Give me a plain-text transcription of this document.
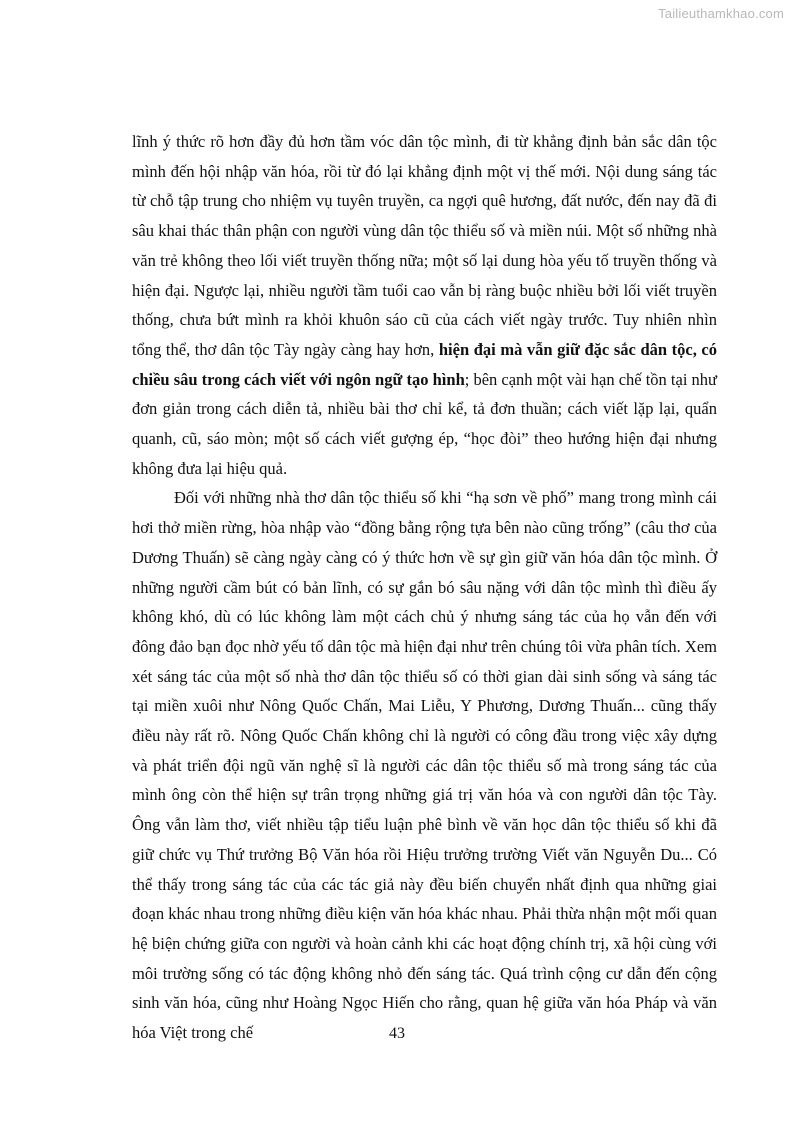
Tailieuthamkhao.com

lĩnh ý thức rõ hơn đầy đủ hơn tầm vóc dân tộc mình, đi từ khẳng định bản sắc dân tộc mình đến hội nhập văn hóa, rồi từ đó lại khẳng định một vị thế mới. Nội dung sáng tác từ chỗ tập trung cho nhiệm vụ tuyên truyền, ca ngợi quê hương, đất nước, đến nay đã đi sâu khai thác thân phận con người vùng dân tộc thiểu số và miền núi. Một số những nhà văn trẻ không theo lối viết truyền thống nữa; một số lại dung hòa yếu tố truyền thống và hiện đại. Ngược lại, nhiều người tầm tuổi cao vẫn bị ràng buộc nhiều bởi lối viết truyền thống, chưa bứt mình ra khỏi khuôn sáo cũ của cách viết ngày trước. Tuy nhiên nhìn tổng thể, thơ dân tộc Tày ngày càng hay hơn, hiện đại mà vẫn giữ đặc sắc dân tộc, có chiều sâu trong cách viết với ngôn ngữ tạo hình; bên cạnh một vài hạn chế tồn tại như đơn giản trong cách diễn tả, nhiều bài thơ chỉ kể, tả đơn thuần; cách viết lặp lại, quẩn quanh, cũ, sáo mòn; một số cách viết gượng ép, “học đòi” theo hướng hiện đại nhưng không đưa lại hiệu quả.

Đối với những nhà thơ dân tộc thiểu số khi “hạ sơn về phố” mang trong mình cái hơi thở miền rừng, hòa nhập vào “đồng bằng rộng tựa bên nào cũng trống” (câu thơ của Dương Thuấn) sẽ càng ngày càng có ý thức hơn về sự gìn giữ văn hóa dân tộc mình. Ở những người cầm bút có bản lĩnh, có sự gắn bó sâu nặng với dân tộc mình thì điều ấy không khó, dù có lúc không làm một cách chủ ý nhưng sáng tác của họ vẫn đến với đông đảo bạn đọc nhờ yếu tố dân tộc mà hiện đại như trên chúng tôi vừa phân tích. Xem xét sáng tác của một số nhà thơ dân tộc thiểu số có thời gian dài sinh sống và sáng tác tại miền xuôi như Nông Quốc Chấn, Mai Liễu, Y Phương, Dương Thuấn... cũng thấy điều này rất rõ. Nông Quốc Chấn không chỉ là người có công đầu trong việc xây dựng và phát triển đội ngũ văn nghệ sĩ là người các dân tộc thiểu số mà trong sáng tác của mình ông còn thể hiện sự trân trọng những giá trị văn hóa và con người dân tộc Tày. Ông vẫn làm thơ, viết nhiều tập tiểu luận phê bình về văn học dân tộc thiểu số khi đã giữ chức vụ Thứ trưởng Bộ Văn hóa rồi Hiệu trưởng trường Viết văn Nguyễn Du... Có thể thấy trong sáng tác của các tác giả này đều biến chuyển nhất định qua những giai đoạn khác nhau trong những điều kiện văn hóa khác nhau. Phải thừa nhận một mối quan hệ biện chứng giữa con người và hoàn cảnh khi các hoạt động chính trị, xã hội cùng với môi trường sống có tác động không nhỏ đến sáng tác. Quá trình cộng cư dẫn đến cộng sinh văn hóa, cũng như Hoàng Ngọc Hiến cho rằng, quan hệ giữa văn hóa Pháp và văn hóa Việt trong chế	43
